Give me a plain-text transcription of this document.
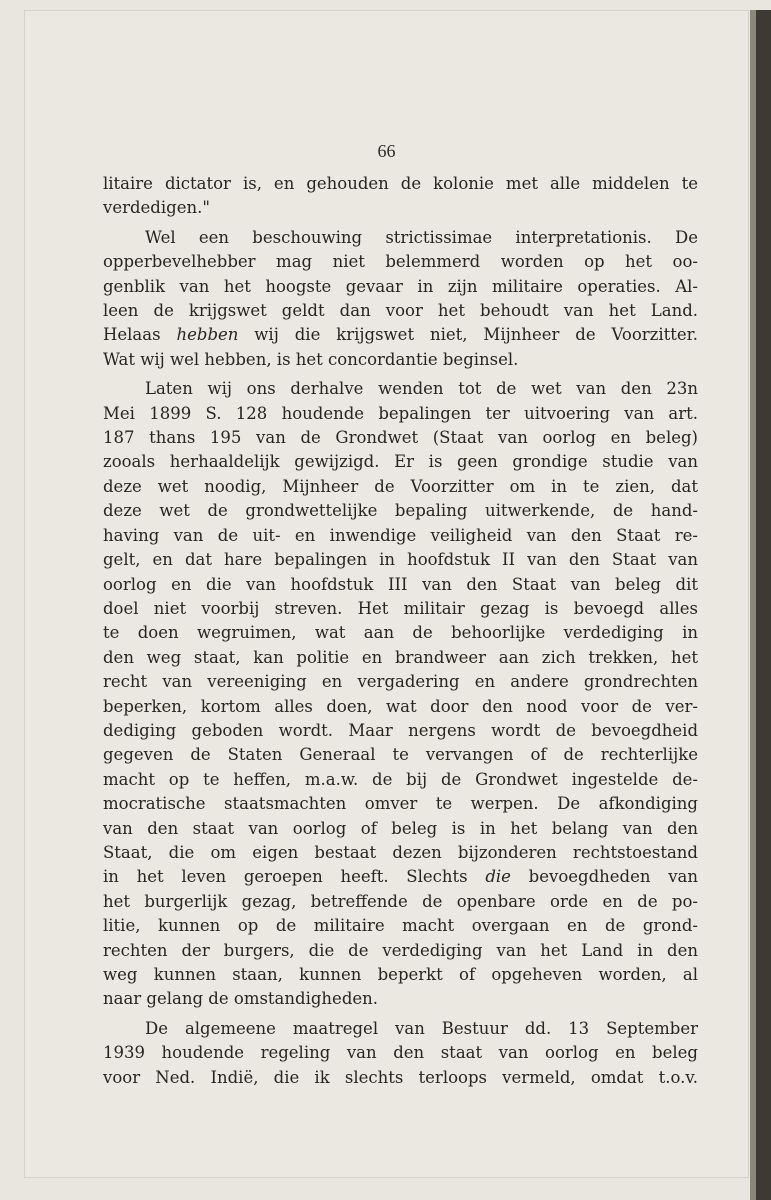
66
litaire dictator is, en gehouden de kolonie met alle middelen te
verdedigen."
Wel een beschouwing strictissimae interpretationis. De
opperbevelhebber mag niet belemmerd worden op het oo-
genblik van het hoogste gevaar in zijn militaire operaties. Al-
leen de krijgswet geldt dan voor het behoudt van het Land.
Helaas hebben wij die krijgswet niet, Mijnheer de Voorzitter.
Wat wij wel hebben, is het concordantie beginsel.
Laten wij ons derhalve wenden tot de wet van den 23n
Mei 1899 S. 128 houdende bepalingen ter uitvoering van art.
187 thans 195 van de Grondwet (Staat van oorlog en beleg)
zooals herhaaldelijk gewijzigd. Er is geen grondige studie van
deze wet noodig, Mijnheer de Voorzitter om in te zien, dat
deze wet de grondwettelijke bepaling uitwerkende, de hand-
having van de uit- en inwendige veiligheid van den Staat re-
gelt, en dat hare bepalingen in hoofdstuk II van den Staat van
oorlog en die van hoofdstuk III van den Staat van beleg dit
doel niet voorbij streven. Het militair gezag is bevoegd alles
te doen wegruimen, wat aan de behoorlijke verdediging in
den weg staat, kan politie en brandweer aan zich trekken, het
recht van vereeniging en vergadering en andere grondrechten
beperken, kortom alles doen, wat door den nood voor de ver-
dediging geboden wordt. Maar nergens wordt de bevoegdheid
gegeven de Staten Generaal te vervangen of de rechterlijke
macht op te heffen, m.a.w. de bij de Grondwet ingestelde de-
mocratische staatsmachten omver te werpen. De afkondiging
van den staat van oorlog of beleg is in het belang van den
Staat, die om eigen bestaat dezen bijzonderen rechtstoestand
in het leven geroepen heeft. Slechts die bevoegdheden van
het burgerlijk gezag, betreffende de openbare orde en de po-
litie, kunnen op de militaire macht overgaan en de grond-
rechten der burgers, die de verdediging van het Land in den
weg kunnen staan, kunnen beperkt of opgeheven worden, al
naar gelang de omstandigheden.
De algemeene maatregel van Bestuur dd. 13 September
1939 houdende regeling van den staat van oorlog en beleg
voor Ned. Indië, die ik slechts terloops vermeld, omdat t.o.v.
